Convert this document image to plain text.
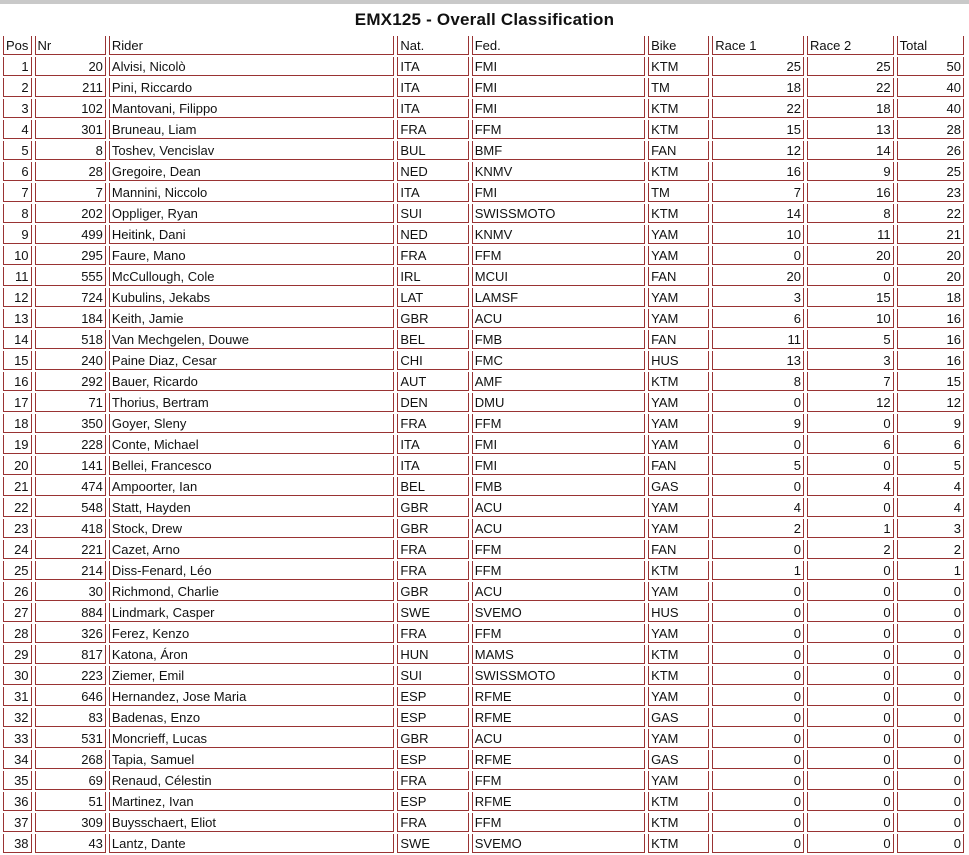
EMX125 - Overall Classification
Pos	Nr	Rider	Nat.	Fed.	Bike	Race 1	Race 2	Total
1	20	Alvisi, Nicolò	ITA	FMI	KTM	25	25	50
2	211	Pini, Riccardo	ITA	FMI	TM	18	22	40
3	102	Mantovani, Filippo	ITA	FMI	KTM	22	18	40
4	301	Bruneau, Liam	FRA	FFM	KTM	15	13	28
5	8	Toshev, Vencislav	BUL	BMF	FAN	12	14	26
6	28	Gregoire, Dean	NED	KNMV	KTM	16	9	25
7	7	Mannini, Niccolo	ITA	FMI	TM	7	16	23
8	202	Oppliger, Ryan	SUI	SWISSMOTO	KTM	14	8	22
9	499	Heitink, Dani	NED	KNMV	YAM	10	11	21
10	295	Faure, Mano	FRA	FFM	YAM	0	20	20
11	555	McCullough, Cole	IRL	MCUI	FAN	20	0	20
12	724	Kubulins, Jekabs	LAT	LAMSF	YAM	3	15	18
13	184	Keith, Jamie	GBR	ACU	YAM	6	10	16
14	518	Van Mechgelen, Douwe	BEL	FMB	FAN	11	5	16
15	240	Paine Diaz, Cesar	CHI	FMC	HUS	13	3	16
16	292	Bauer, Ricardo	AUT	AMF	KTM	8	7	15
17	71	Thorius, Bertram	DEN	DMU	YAM	0	12	12
18	350	Goyer, Sleny	FRA	FFM	YAM	9	0	9
19	228	Conte, Michael	ITA	FMI	YAM	0	6	6
20	141	Bellei, Francesco	ITA	FMI	FAN	5	0	5
21	474	Ampoorter, Ian	BEL	FMB	GAS	0	4	4
22	548	Statt, Hayden	GBR	ACU	YAM	4	0	4
23	418	Stock, Drew	GBR	ACU	YAM	2	1	3
24	221	Cazet, Arno	FRA	FFM	FAN	0	2	2
25	214	Diss-Fenard, Léo	FRA	FFM	KTM	1	0	1
26	30	Richmond, Charlie	GBR	ACU	YAM	0	0	0
27	884	Lindmark, Casper	SWE	SVEMO	HUS	0	0	0
28	326	Ferez, Kenzo	FRA	FFM	YAM	0	0	0
29	817	Katona, Áron	HUN	MAMS	KTM	0	0	0
30	223	Ziemer, Emil	SUI	SWISSMOTO	KTM	0	0	0
31	646	Hernandez, Jose Maria	ESP	RFME	YAM	0	0	0
32	83	Badenas, Enzo	ESP	RFME	GAS	0	0	0
33	531	Moncrieff, Lucas	GBR	ACU	YAM	0	0	0
34	268	Tapia, Samuel	ESP	RFME	GAS	0	0	0
35	69	Renaud, Célestin	FRA	FFM	YAM	0	0	0
36	51	Martinez, Ivan	ESP	RFME	KTM	0	0	0
37	309	Buysschaert, Eliot	FRA	FFM	KTM	0	0	0
38	43	Lantz, Dante	SWE	SVEMO	KTM	0	0	0
